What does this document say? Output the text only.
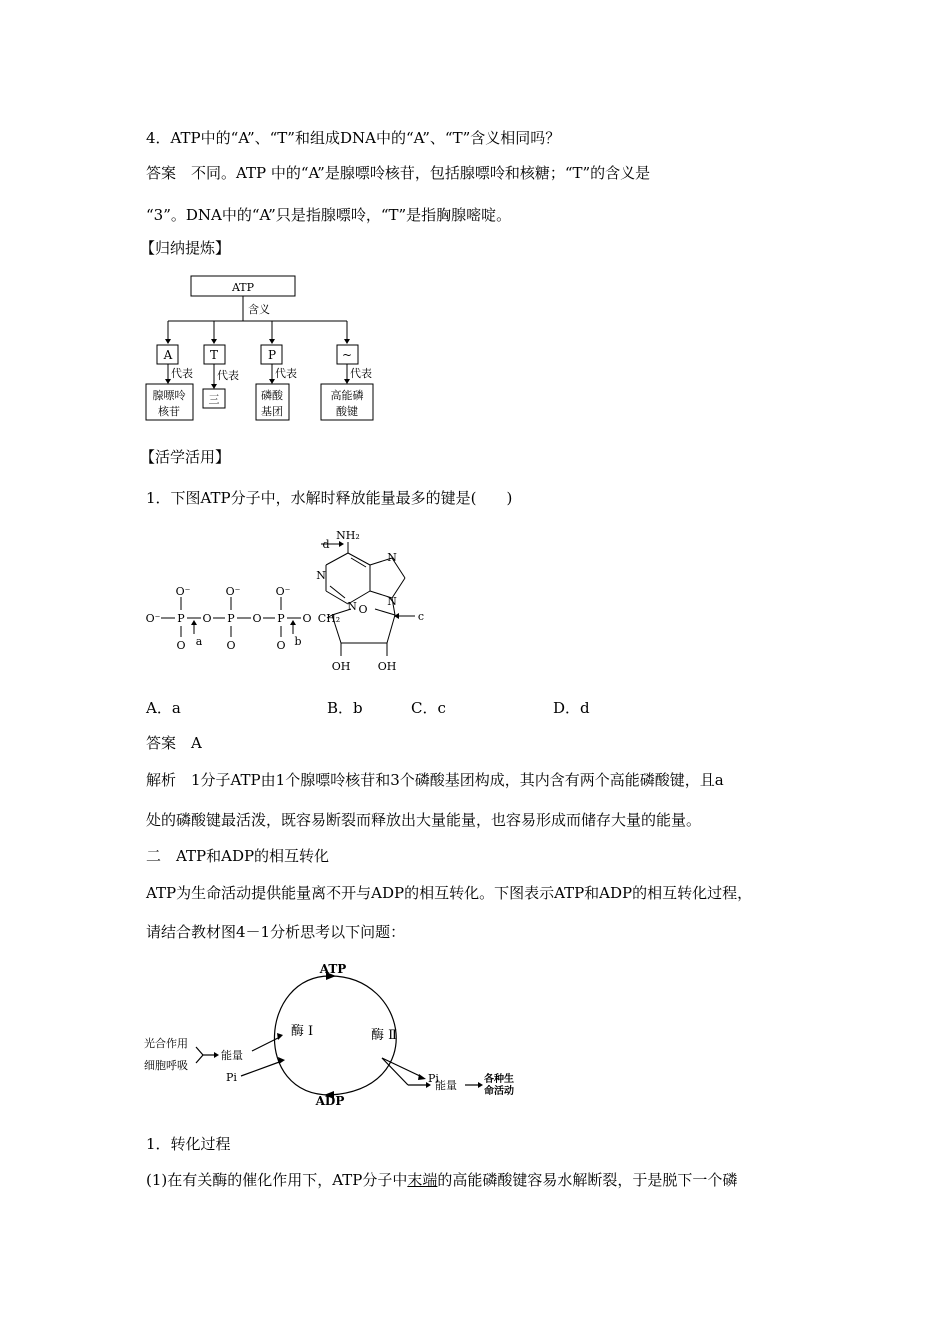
4．ATP中的“A”、“T”和组成DNA中的“A”、“T”含义相同吗？
答案　不同。ATP 中的“A”是腺嘌呤核苷，包括腺嘌呤和核糖；“T”的含义是
“3”。DNA中的“A”只是指腺嘌呤，“T”是指胸腺嘧啶。
【归纳提炼】
ATP
含义
A	T	P	~
代表 代表	代表	代表
腺嘌呤
核苷
三	磷酸
基团
高能磷
酸键
【活学活用】
1．下图ATP分子中，水解时释放能量最多的键是(　　)
NH₂
N
N
N
N
O
OH OH
O⁻ P O P O P O CH₂
O⁻	O⁻	O⁻
O	O	O
a	b
c
d
A．a	B．b	C．c	D．d
答案　A
解析　1分子ATP由1个腺嘌呤核苷和3个磷酸基团构成，其内含有两个高能磷酸键，且a
处的磷酸键最活泼，既容易断裂而释放出大量能量，也容易形成而储存大量的能量。
二　ATP和ADP的相互转化
ATP为生命活动提供能量离不开与ADP的相互转化。下图表示ATP和ADP的相互转化过程，
请结合教材图4－1分析思考以下问题：
ATP
ADP
酶 Ⅰ	酶 Ⅱ
光合作用
细胞呼吸
能量
Pi	Pi
能量	各种生
命活动
1．转化过程
(1)在有关酶的催化作用下，ATP分子中末端的高能磷酸键容易水解断裂，于是脱下一个磷
